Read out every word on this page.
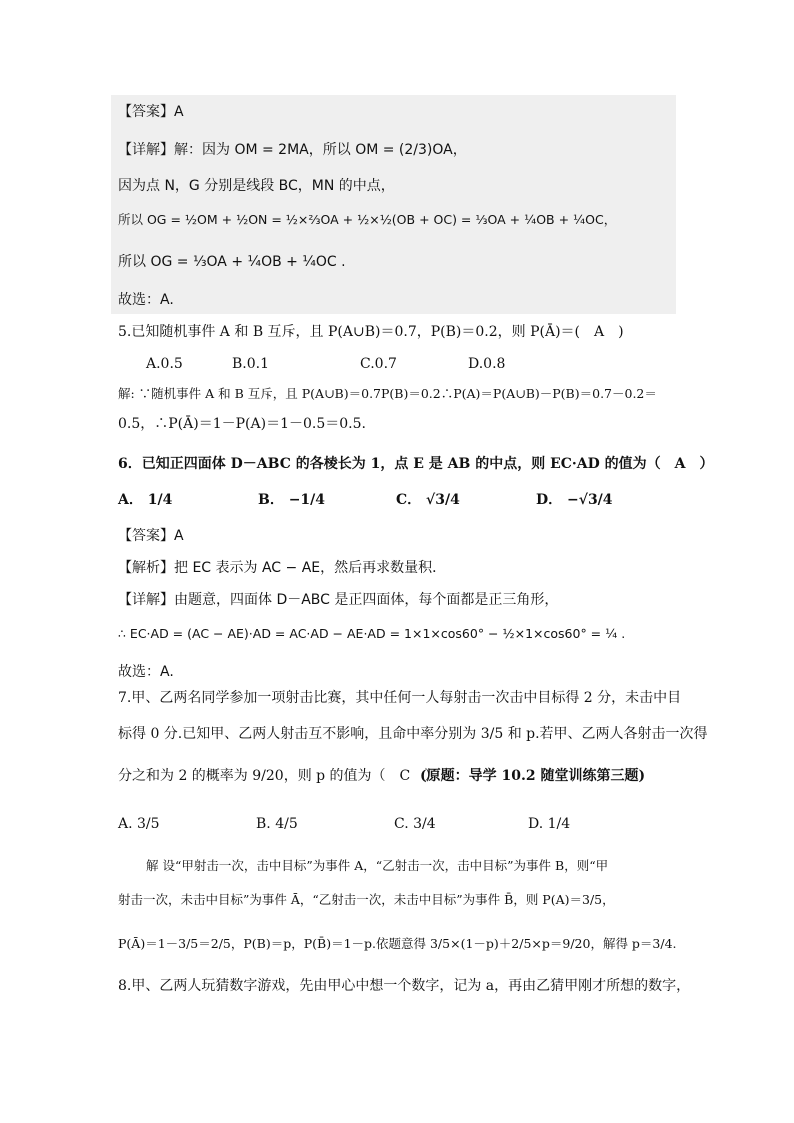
【答案】A
【详解】解：因为 OM = 2MA，所以 OM = (2/3)OA，
因为点 N，G 分别是线段 BC，MN 的中点，
所以 OG = ½OM + ½ON = ½×⅔OA + ½×½(OB + OC) = ⅓OA + ¼OB + ¼OC，
所以 OG = ⅓OA + ¼OB + ¼OC .
故选：A.
5.已知随机事件 A 和 B 互斥，且 P(A∪B)＝0.7，P(B)＝0.2，则 P(Ā)＝(　A　)
A.0.5	B.0.1	C.0.7	D.0.8
解: ∵随机事件 A 和 B 互斥，且 P(A∪B)＝0.7P(B)＝0.2∴P(A)＝P(A∪B)－P(B)＝0.7－0.2＝
0.5，∴P(Ā)＝1－P(A)＝1－0.5＝0.5.
6．已知正四面体 D－ABC 的各棱长为 1，点 E 是 AB 的中点，则 EC·AD 的值为（　A　）
A． 1/4	B． −1/4	C． √3/4	D． −√3/4
【答案】A
【解析】把 EC 表示为 AC − AE，然后再求数量积．
【详解】由题意，四面体 D－ABC 是正四面体，每个面都是正三角形，
∴ EC·AD = (AC − AE)·AD = AC·AD − AE·AD = 1×1×cos60° − ½×1×cos60° = ¼ .
故选：A.
7.甲、乙两名同学参加一项射击比赛，其中任何一人每射击一次击中目标得 2 分，未击中目
标得 0 分.已知甲、乙两人射击互不影响，且命中率分别为 3/5 和 p.若甲、乙两人各射击一次得
分之和为 2 的概率为 9/20，则 p 的值为（　C　）
(原题：导学 10.2 随堂训练第三题)
A. 3/5	B. 4/5	C. 3/4	D. 1/4
解 设“甲射击一次，击中目标”为事件 A，“乙射击一次，击中目标”为事件 B，则“甲
射击一次，未击中目标”为事件 Ā，“乙射击一次，未击中目标”为事件 B̄，则 P(A)＝3/5，
P(Ā)＝1－3/5＝2/5，P(B)＝p，P(B̄)＝1－p.依题意得 3/5×(1－p)＋2/5×p＝9/20，解得 p＝3/4.
8.甲、乙两人玩猜数字游戏，先由甲心中想一个数字，记为 a，再由乙猜甲刚才所想的数字，
